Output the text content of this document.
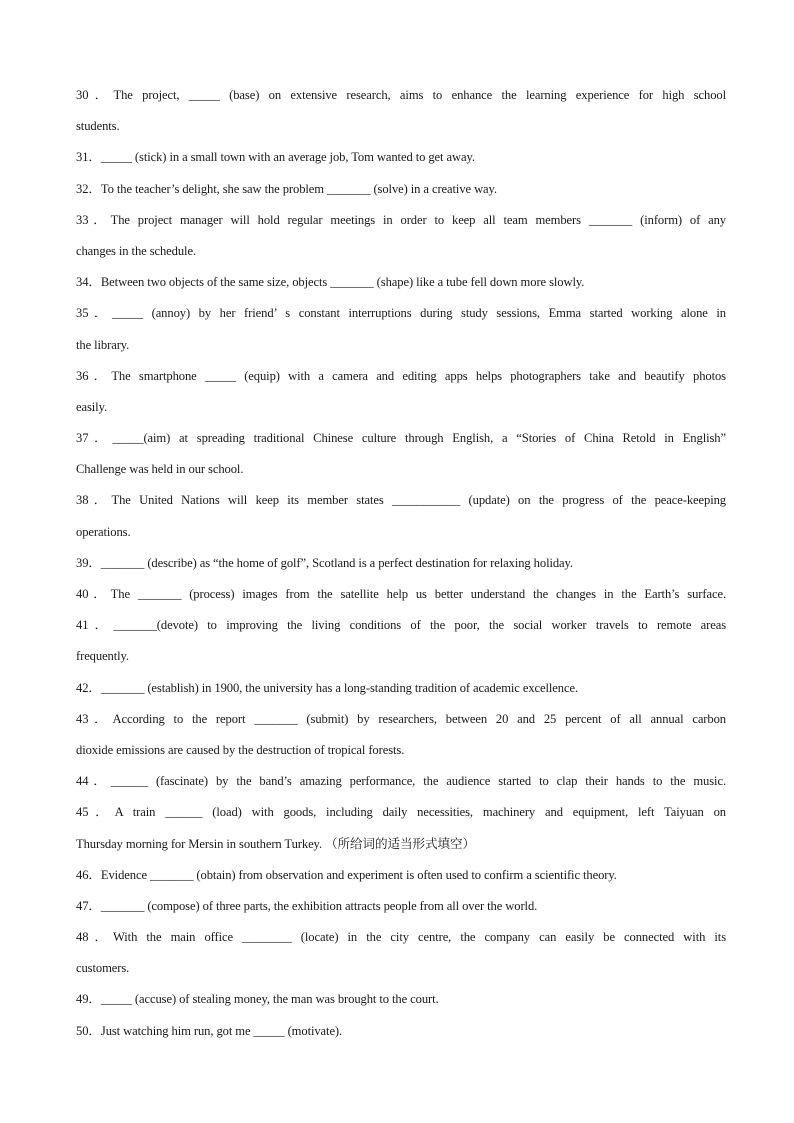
30．The project, _____ (base) on extensive research, aims to enhance the learning experience for high school
students.
31．_____ (stick) in a small town with an average job, Tom wanted to get away.
32．To the teacher’s delight, she saw the problem _______ (solve) in a creative way.
33．The project manager will hold regular meetings in order to keep all team members _______ (inform) of any
changes in the schedule.
34．Between two objects of the same size, objects _______ (shape) like a tube fell down more slowly.
35．_____ (annoy) by her friend’ s constant interruptions during study sessions, Emma started working alone in
the library.
36．The smartphone _____ (equip) with a camera and editing apps helps photographers take and beautify photos
easily.
37．_____(aim) at spreading traditional Chinese culture through English, a “Stories of China Retold in English”
Challenge was held in our school.
38．The United Nations will keep its member states ___________ (update) on the progress of the peace-keeping
operations.
39．_______ (describe) as “the home of golf”, Scotland is a perfect destination for relaxing holiday.
40．The _______ (process) images from the satellite help us better understand the changes in the Earth’s surface.
41．_______(devote) to improving the living conditions of the poor, the social worker travels to remote areas
frequently.
42．_______ (establish) in 1900, the university has a long-standing tradition of academic excellence.
43．According to the report _______ (submit) by researchers, between 20 and 25 percent of all annual carbon
dioxide emissions are caused by the destruction of tropical forests.
44．______ (fascinate) by the band’s amazing performance, the audience started to clap their hands to the music.
45．A train ______ (load) with goods, including daily necessities, machinery and equipment, left Taiyuan on
Thursday morning for Mersin in southern Turkey. （所给词的适当形式填空）
46．Evidence _______ (obtain) from observation and experiment is often used to confirm a scientific theory.
47．_______ (compose) of three parts, the exhibition attracts people from all over the world.
48．With the main office ________ (locate) in the city centre, the company can easily be connected with its
customers.
49．_____ (accuse) of stealing money, the man was brought to the court.
50．Just watching him run, got me _____ (motivate).
